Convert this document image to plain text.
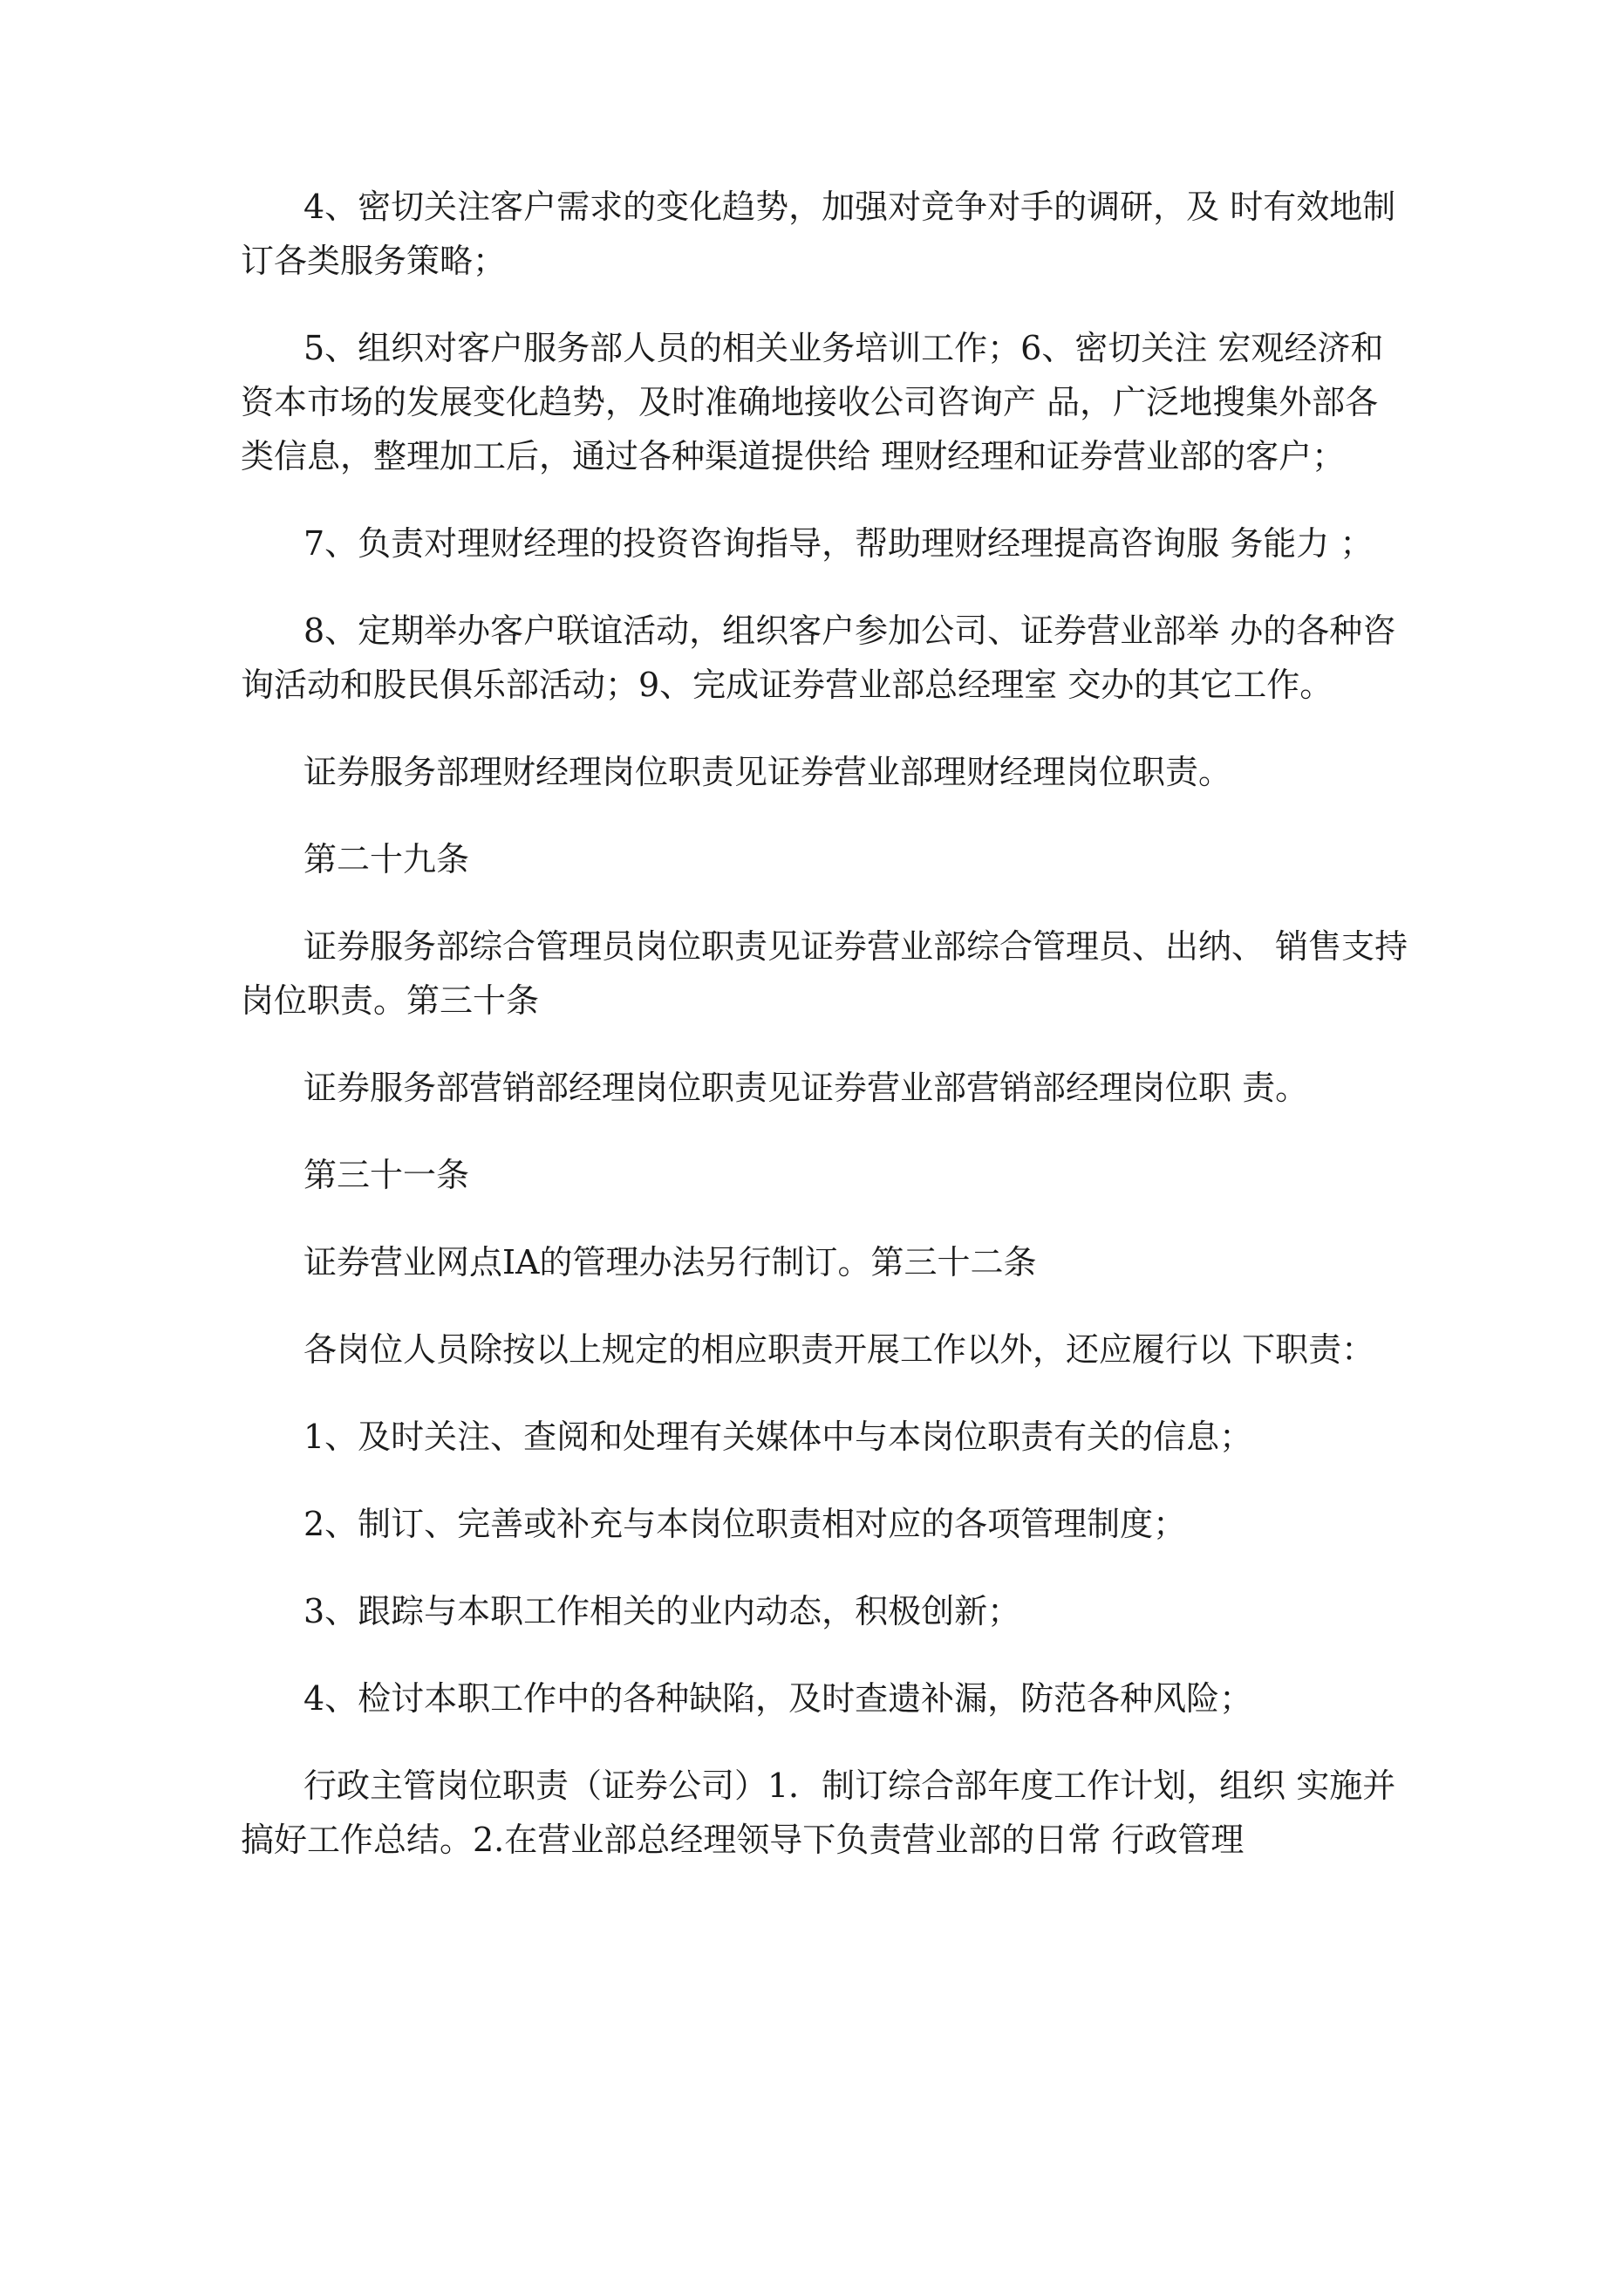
4、密切关注客户需求的变化趋势，加强对竞争对手的调研，及 时有效地制订各类服务策略；

5、组织对客户服务部人员的相关业务培训工作；6、密切关注 宏观经济和资本市场的发展变化趋势，及时准确地接收公司咨询产 品，广泛地搜集外部各类信息，整理加工后，通过各种渠道提供给 理财经理和证券营业部的客户；

7、负责对理财经理的投资咨询指导，帮助理财经理提高咨询服 务能力 ；

8、定期举办客户联谊活动，组织客户参加公司、证券营业部举 办的各种咨询活动和股民俱乐部活动；9、完成证券营业部总经理室 交办的其它工作。

证券服务部理财经理岗位职责见证券营业部理财经理岗位职责。

第二十九条

证券服务部综合管理员岗位职责见证券营业部综合管理员、出纳、 销售支持岗位职责。第三十条

证券服务部营销部经理岗位职责见证券营业部营销部经理岗位职 责。

第三十一条

证券营业网点IA的管理办法另行制订。第三十二条

各岗位人员除按以上规定的相应职责开展工作以外，还应履行以 下职责：

1、及时关注、查阅和处理有关媒体中与本岗位职责有关的信息；

2、制订、完善或补充与本岗位职责相对应的各项管理制度；

3、跟踪与本职工作相关的业内动态，积极创新；

4、检讨本职工作中的各种缺陷，及时查遗补漏，防范各种风险；

行政主管岗位职责（证券公司）1．制订综合部年度工作计划，组织 实施并搞好工作总结。2.在营业部总经理领导下负责营业部的日常 行政管理
